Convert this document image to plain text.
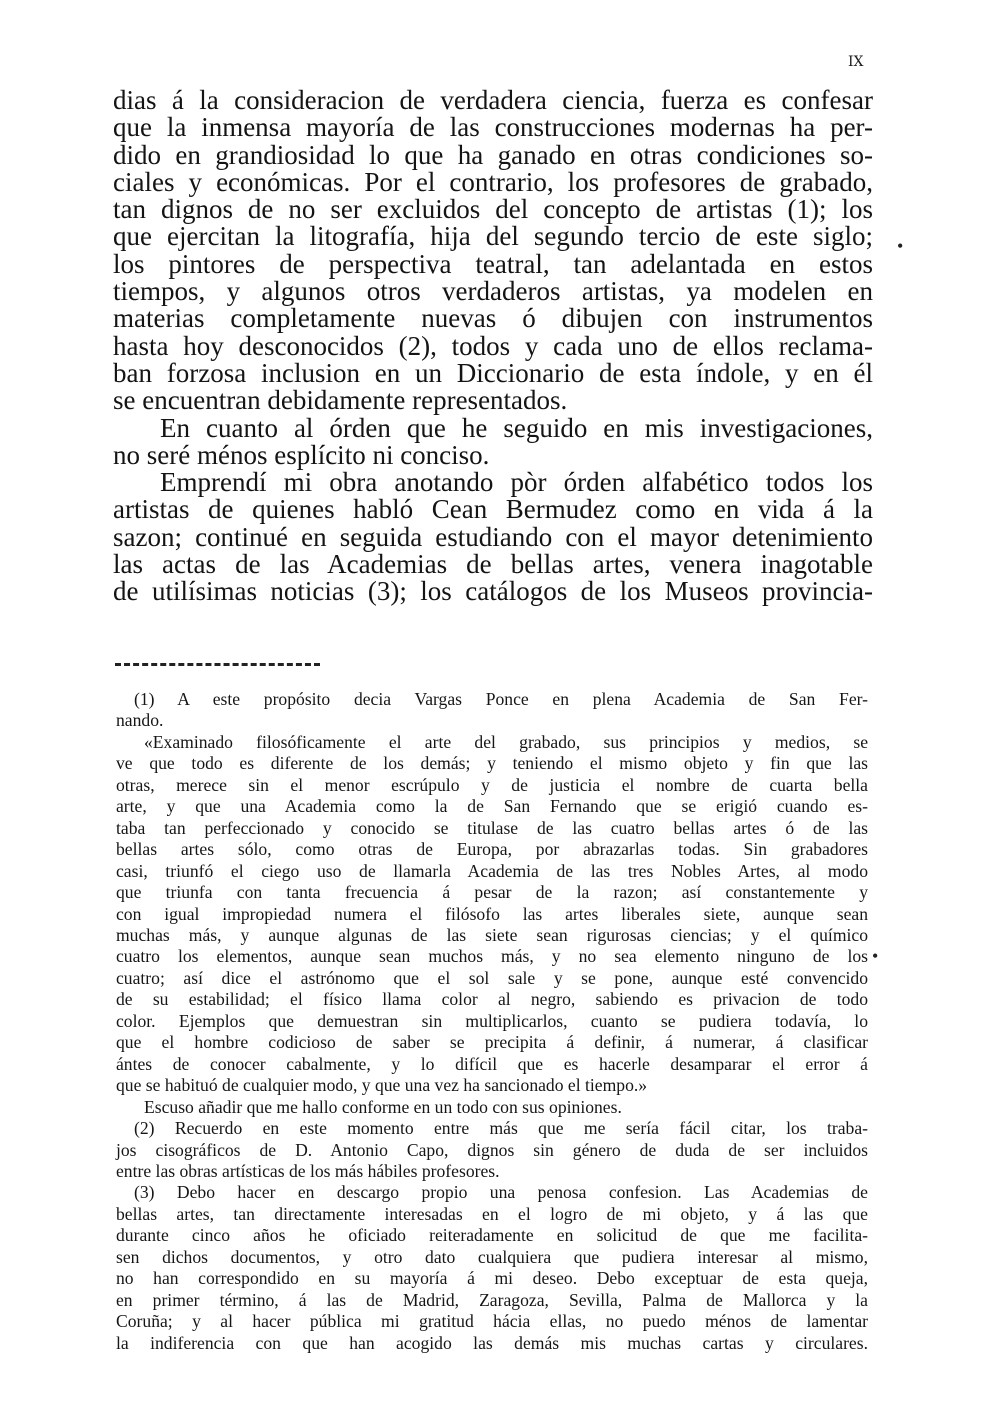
IX
dias á la consideracion de verdadera ciencia, fuerza es confesar
que la inmensa mayoría de las construcciones modernas ha per-
dido en grandiosidad lo que ha ganado en otras condiciones so-
ciales y económicas. Por el contrario, los profesores de grabado,
tan dignos de no ser excluidos del concepto de artistas (1); los
que ejercitan la litografía, hija del segundo tercio de este siglo;
los pintores de perspectiva teatral, tan adelantada en estos
tiempos, y algunos otros verdaderos artistas, ya modelen en
materias completamente nuevas ó dibujen con instrumentos
hasta hoy desconocidos (2), todos y cada uno de ellos reclama-
ban forzosa inclusion en un Diccionario de esta índole, y en él
se encuentran debidamente representados.
En cuanto al órden que he seguido en mis investigaciones,
no seré ménos esplícito ni conciso.
Emprendí mi obra anotando pòr órden alfabético todos los
artistas de quienes habló Cean Bermudez como en vida á la
sazon; continué en seguida estudiando con el mayor detenimiento
las actas de las Academias de bellas artes, venera inagotable
de utilísimas noticias (3); los catálogos de los Museos provincia-
•
(1) A este propósito decia Vargas Ponce en plena Academia de San Fer-
nando.
«Examinado filosóficamente el arte del grabado, sus principios y medios, se
ve que todo es diferente de los demás; y teniendo el mismo objeto y fin que las
otras, merece sin el menor escrúpulo y de justicia el nombre de cuarta bella
arte, y que una Academia como la de San Fernando que se erigió cuando es-
taba tan perfeccionado y conocido se titulase de las cuatro bellas artes ó de las
bellas artes sólo, como otras de Europa, por abrazarlas todas. Sin grabadores
casi, triunfó el ciego uso de llamarla Academia de las tres Nobles Artes, al modo
que triunfa con tanta frecuencia á pesar de la razon; así constantemente y
con igual impropiedad numera el filósofo las artes liberales siete, aunque sean
muchas más, y aunque algunas de las siete sean rigurosas ciencias; y el químico
cuatro los elementos, aunque sean muchos más, y no sea elemento ninguno de los
cuatro; así dice el astrónomo que el sol sale y se pone, aunque esté convencido
de su estabilidad; el físico llama color al negro, sabiendo es privacion de todo
color. Ejemplos que demuestran sin multiplicarlos, cuanto se pudiera todavía, lo
que el hombre codicioso de saber se precipita á definir, á numerar, á clasificar
ántes de conocer cabalmente, y lo difícil que es hacerle desamparar el error á
que se habituó de cualquier modo, y que una vez ha sancionado el tiempo.»
Escuso añadir que me hallo conforme en un todo con sus opiniones.
(2) Recuerdo en este momento entre más que me sería fácil citar, los traba-
jos cisográficos de D. Antonio Capo, dignos sin género de duda de ser incluidos
entre las obras artísticas de los más hábiles profesores.
(3) Debo hacer en descargo propio una penosa confesion. Las Academias de
bellas artes, tan directamente interesadas en el logro de mi objeto, y á las que
durante cinco años he oficiado reiteradamente en solicitud de que me facilita-
sen dichos documentos, y otro dato cualquiera que pudiera interesar al mismo,
no han correspondido en su mayoría á mi deseo. Debo exceptuar de esta queja,
en primer término, á las de Madrid, Zaragoza, Sevilla, Palma de Mallorca y la
Coruña; y al hacer pública mi gratitud hácia ellas, no puedo ménos de lamentar
la indiferencia con que han acogido las demás mis muchas cartas y circulares.
•
